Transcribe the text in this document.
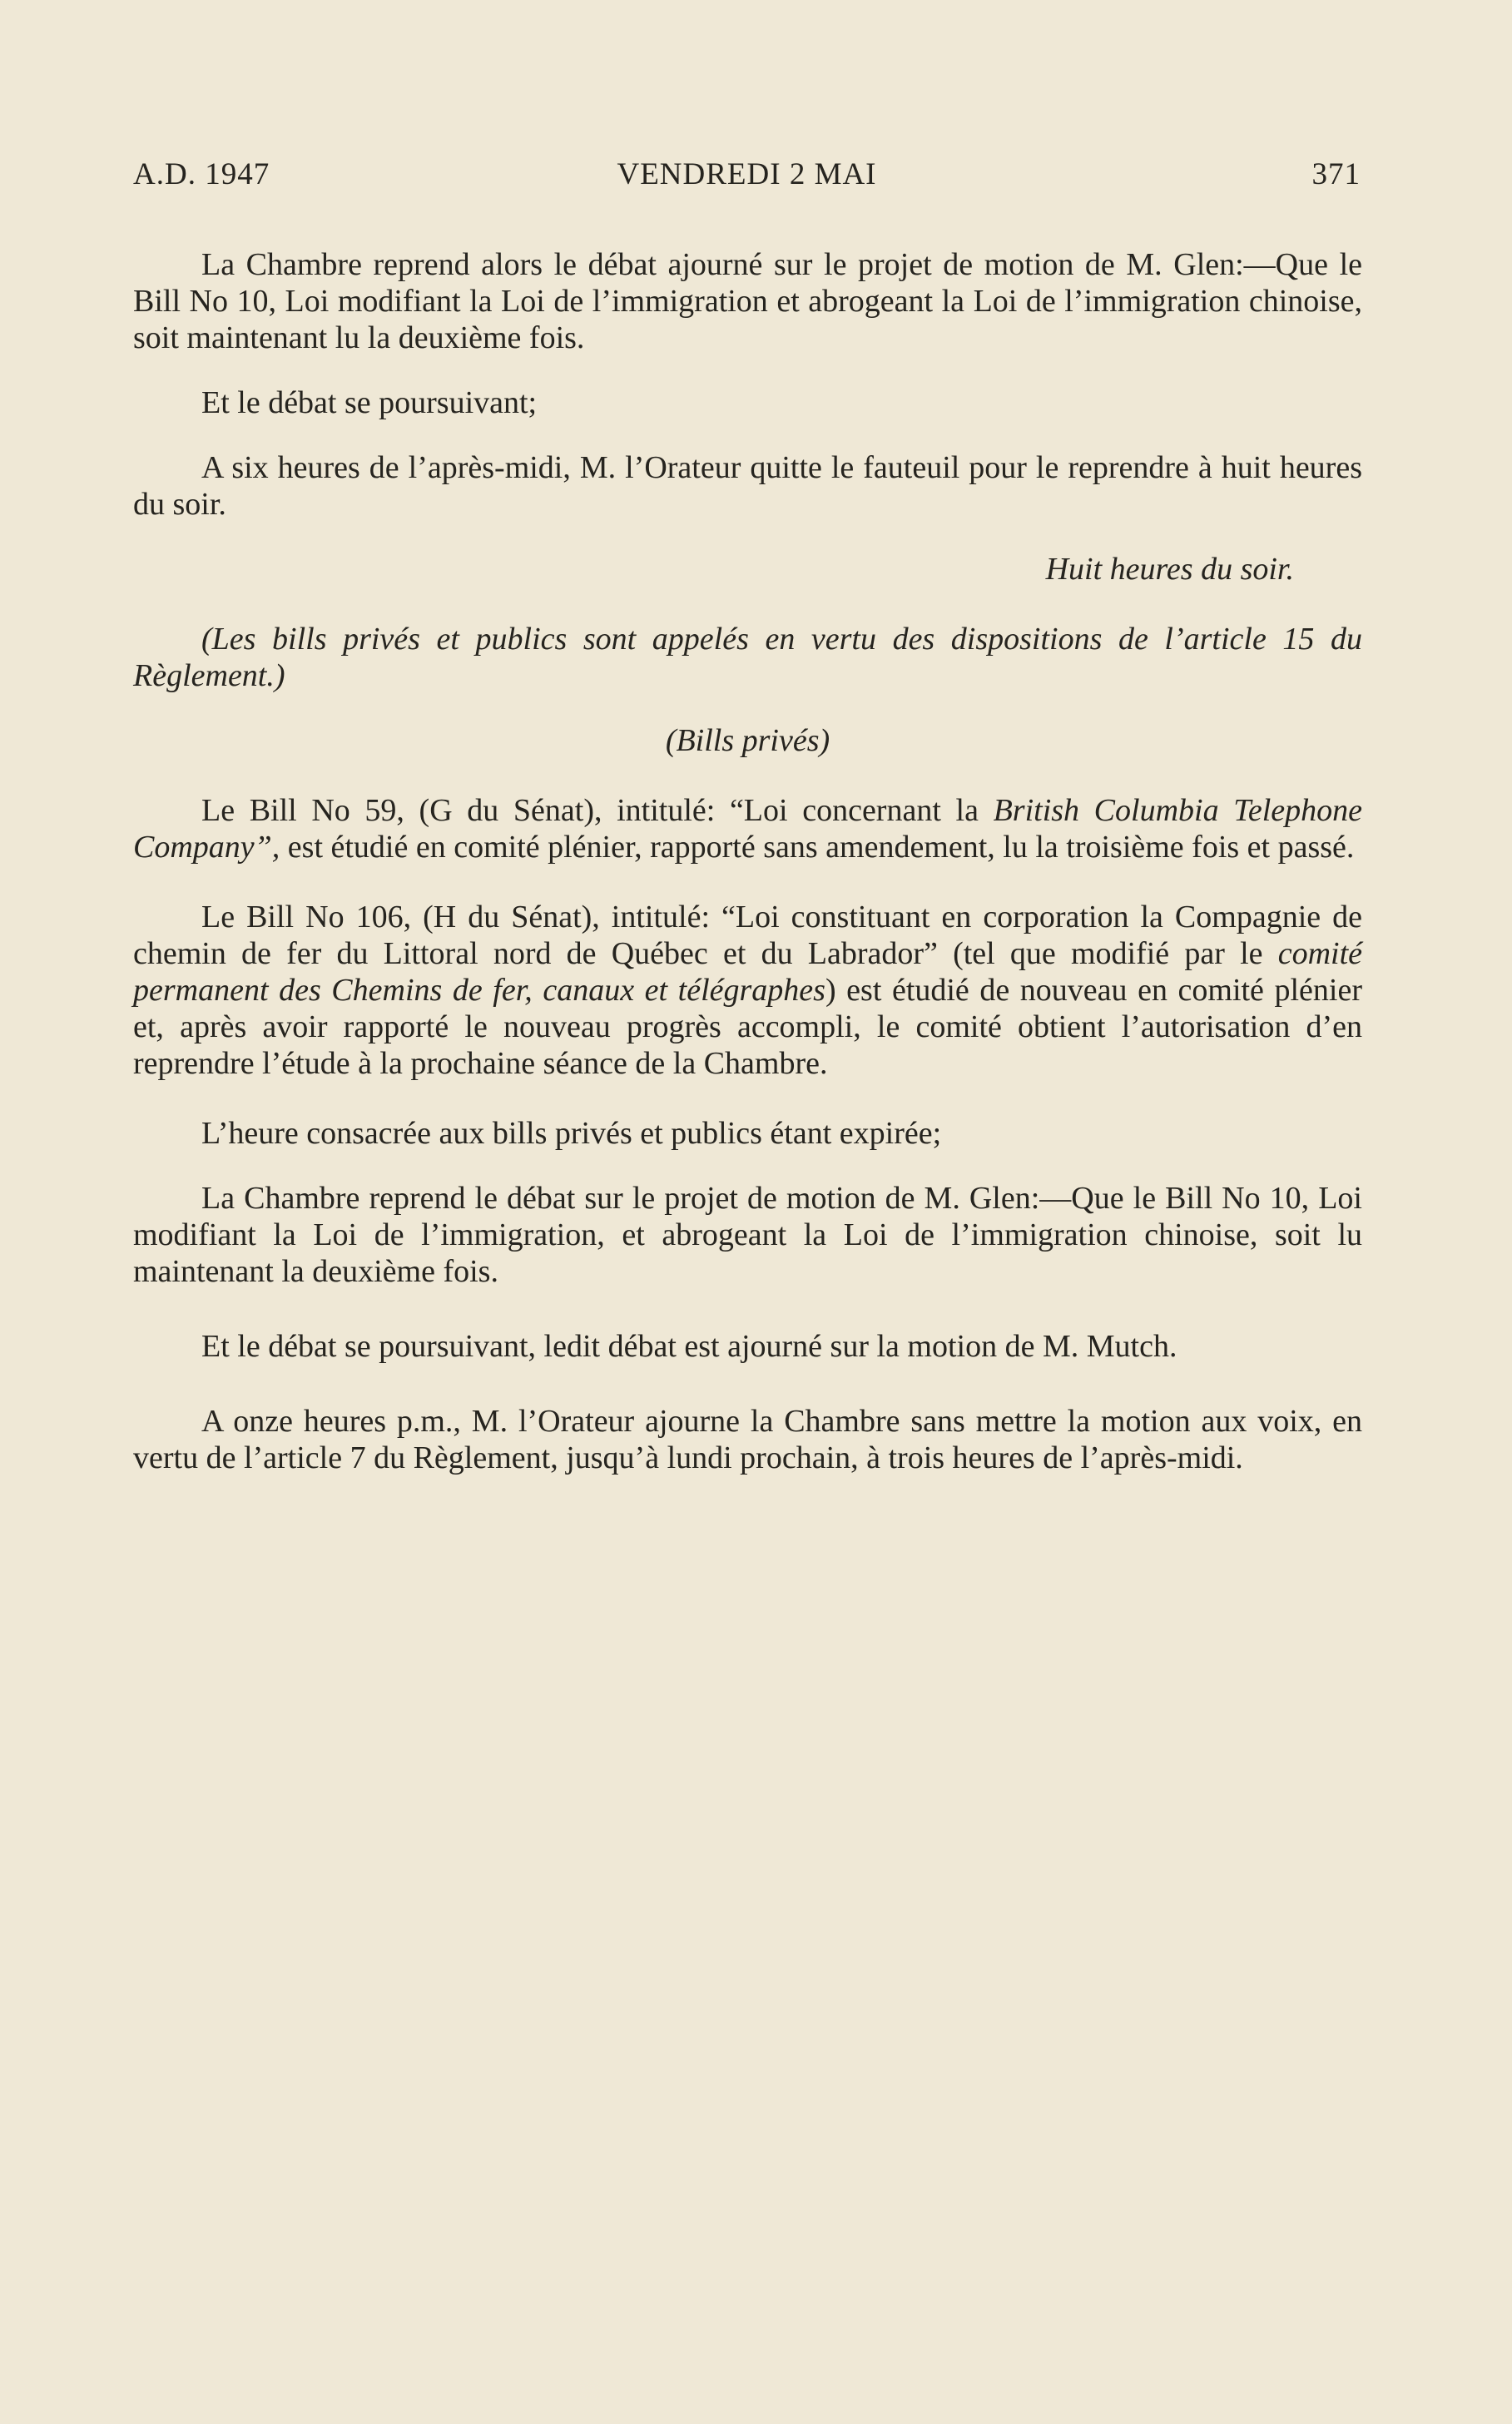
A.D. 1947	VENDREDI 2 MAI	371

La Chambre reprend alors le débat ajourné sur le projet de motion de M. Glen:—Que le Bill No 10, Loi modifiant la Loi de l’immigration et abrogeant la Loi de l’immigration chinoise, soit maintenant lu la deuxième fois.

Et le débat se poursuivant;

A six heures de l’après-midi, M. l’Orateur quitte le fauteuil pour le reprendre à huit heures du soir.

Huit heures du soir.

(Les bills privés et publics sont appelés en vertu des dispositions de l’article 15 du Règlement.)

(Bills privés)

Le Bill No 59, (G du Sénat), intitulé: “Loi concernant la British Columbia Telephone Company”, est étudié en comité plénier, rapporté sans amendement, lu la troisième fois et passé.

Le Bill No 106, (H du Sénat), intitulé: “Loi constituant en corporation la Compagnie de chemin de fer du Littoral nord de Québec et du Labrador” (tel que modifié par le comité permanent des Chemins de fer, canaux et télégraphes) est étudié de nouveau en comité plénier et, après avoir rapporté le nouveau progrès accompli, le comité obtient l’autorisation d’en reprendre l’étude à la prochaine séance de la Chambre.

L’heure consacrée aux bills privés et publics étant expirée;

La Chambre reprend le débat sur le projet de motion de M. Glen:—Que le Bill No 10, Loi modifiant la Loi de l’immigration, et abrogeant la Loi de l’immigration chinoise, soit lu maintenant la deuxième fois.

Et le débat se poursuivant, ledit débat est ajourné sur la motion de M. Mutch.

A onze heures p.m., M. l’Orateur ajourne la Chambre sans mettre la motion aux voix, en vertu de l’article 7 du Règlement, jusqu’à lundi prochain, à trois heures de l’après-midi.
